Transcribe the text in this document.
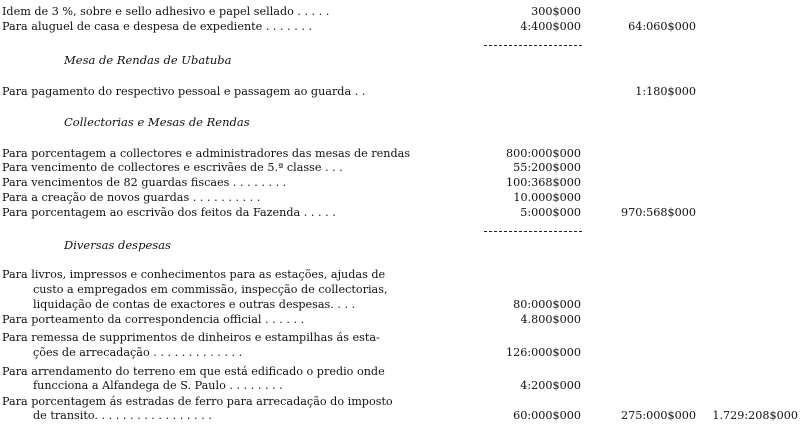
Idem de 3 %, sobre e sello adhesivo e papel sellado . . . . .	300$000
Para aluguel de casa e despesa de expediente . . . . . . .	4:400$000	64:060$000
Mesa de Rendas de Ubatuba
Para pagamento do respectivo pessoal e passagem ao guarda . .	1:180$000
Collectorias e Mesas de Rendas
Para porcentagem a collectores e administradores das mesas de rendas	800:000$000
Para vencimento de collectores e escrivães de 5.ª classe . . .	55:200$000
Para vencimentos de 82 guardas fiscaes . . . . . . . .	100:368$000
Para a creação de novos guardas . . . . . . . . . .	10.000$000
Para porcentagem ao escrivão dos feitos da Fazenda . . . . .	5:000$000	970:568$000
Diversas despesas
Para livros, impressos e conhecimentos para as estações, ajudas de
custo a empregados em commissão, inspecção de collectorias,
liquidação de contas de exactores e outras despesas. . . .	80:000$000
Para porteamento da correspondencia official . . . . . .	4.800$000
Para remessa de supprimentos de dinheiros e estampilhas ás esta-
ções de arrecadação . . . . . . . . . . . . .	126:000$000
Para arrendamento do terreno em que está edificado o predio onde
funcciona a Alfandega de S. Paulo . . . . . . . .	4:200$000
Para porcentagem ás estradas de ferro para arrecadação do imposto
de transito. . . . . . . . . . . . . . . . .	60:000$000	275:000$000 1.729:208$000
